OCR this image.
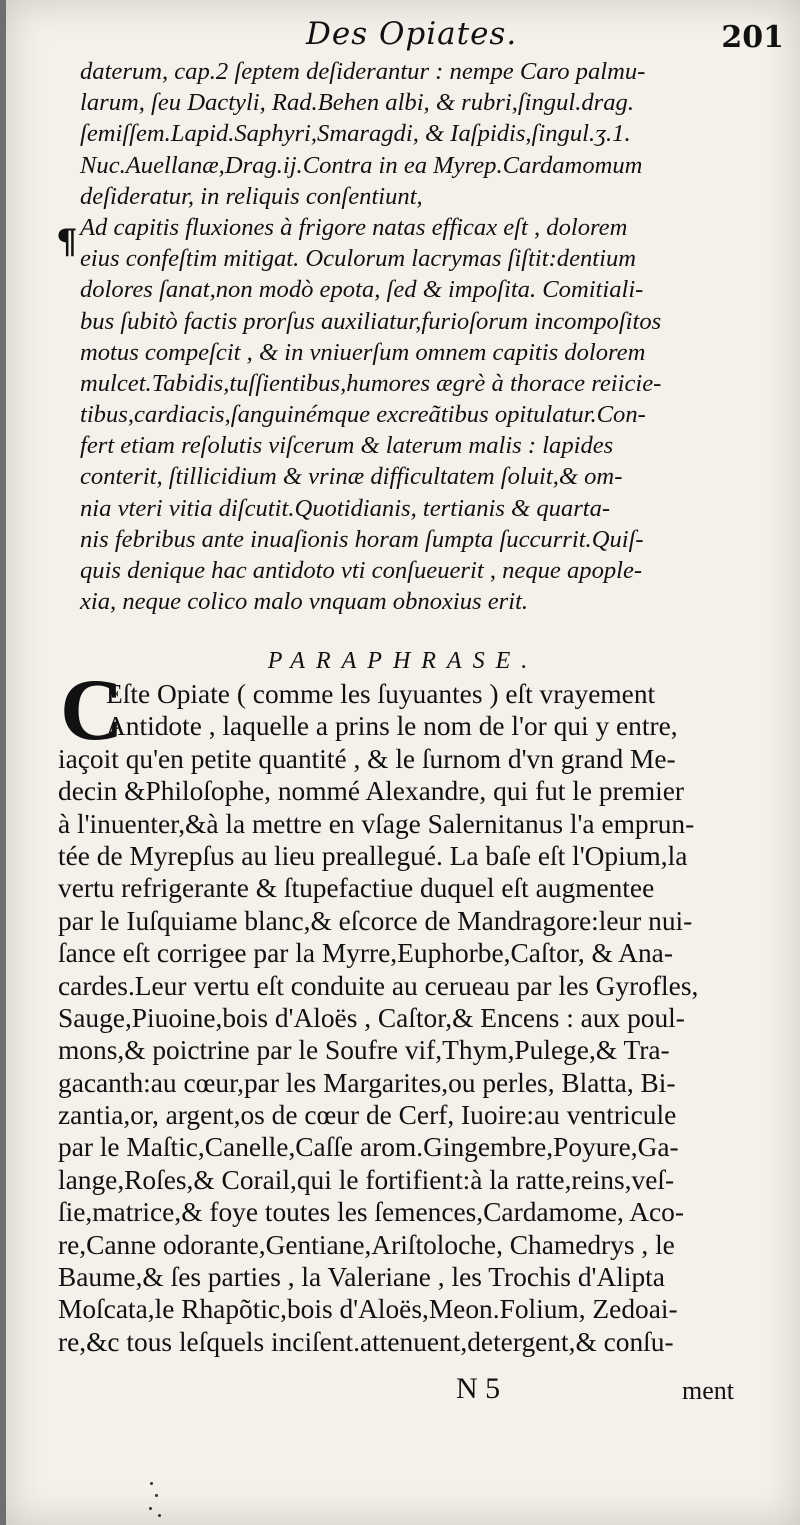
Des Opiates.	201
daterum, cap.2 ſeptem deſiderantur : nempe Caro palmu-
larum, ſeu Dactyli, Rad.Behen albi, & rubri,ſingul.drag.
ſemiſſem.Lapid.Saphyri,Smaragdi, & Iaſpidis,ſingul.ʒ.1.
Nuc.Auellanæ,Drag.ij.Contra in ea Myrep.Cardamomum
deſideratur, in reliquis conſentiunt,
Ad capitis fluxiones à frigore natas efficax eſt , dolorem
eius confeſtim mitigat. Oculorum lacrymas ſiſtit:dentium
dolores ſanat,non modò epota, ſed & impoſita. Comitiali-
bus ſubitò factis prorſus auxiliatur,furioſorum incompoſitos
motus compeſcit , & in vniuerſum omnem capitis dolorem
mulcet.Tabidis,tuſſientibus,humores ægrè à thorace reiicie-
tibus,cardiacis,ſanguinémque excreãtibus opitulatur.Con-
fert etiam reſolutis viſcerum & laterum malis : lapides
conterit, ſtillicidium & vrinæ difficultatem ſoluit,& om-
nia vteri vitia diſcutit.Quotidianis, tertianis & quarta-
nis febribus ante inuaſionis horam ſumpta ſuccurrit.Quiſ-
quis denique hac antidoto vti conſueuerit , neque apople-
xia, neque colico malo vnquam obnoxius erit.
¶
PARAPHRASE.
C
Eſte Opiate ( comme les ſuyuantes ) eſt vrayement
Antidote , laquelle a prins le nom de l'or qui y entre,
iaçoit qu'en petite quantité , & le ſurnom d'vn grand Me-
decin &Philoſophe, nommé Alexandre, qui fut le premier
à l'inuenter,&à la mettre en vſage Salernitanus l'a emprun-
tée de Myrepſus au lieu preallegué. La baſe eſt l'Opium,la
vertu refrigerante & ſtupefactiue duquel eſt augmentee
par le Iuſquiame blanc,& eſcorce de Mandragore:leur nui-
ſance eſt corrigee par la Myrre,Euphorbe,Caſtor, & Ana-
cardes.Leur vertu eſt conduite au cerueau par les Gyrofles,
Sauge,Piuoine,bois d'Aloës , Caſtor,& Encens : aux poul-
mons,& poictrine par le Soufre vif,Thym,Pulege,& Tra-
gacanth:au cœur,par les Margarites,ou perles, Blatta, Bi-
zantia,or, argent,os de cœur de Cerf, Iuoire:au ventricule
par le Maſtic,Canelle,Caſſe arom.Gingembre,Poyure,Ga-
lange,Roſes,& Corail,qui le fortifient:à la ratte,reins,veſ-
ſie,matrice,& foye toutes les ſemences,Cardamome, Aco-
re,Canne odorante,Gentiane,Ariſtoloche, Chamedrys , le
Baume,& ſes parties , la Valeriane , les Trochis d'Alipta
Moſcata,le Rhapõtic,bois d'Aloës,Meon.Folium, Zedoai-
re,&c tous leſquels inciſent.attenuent,detergent,& conſu-
N 5	ment
